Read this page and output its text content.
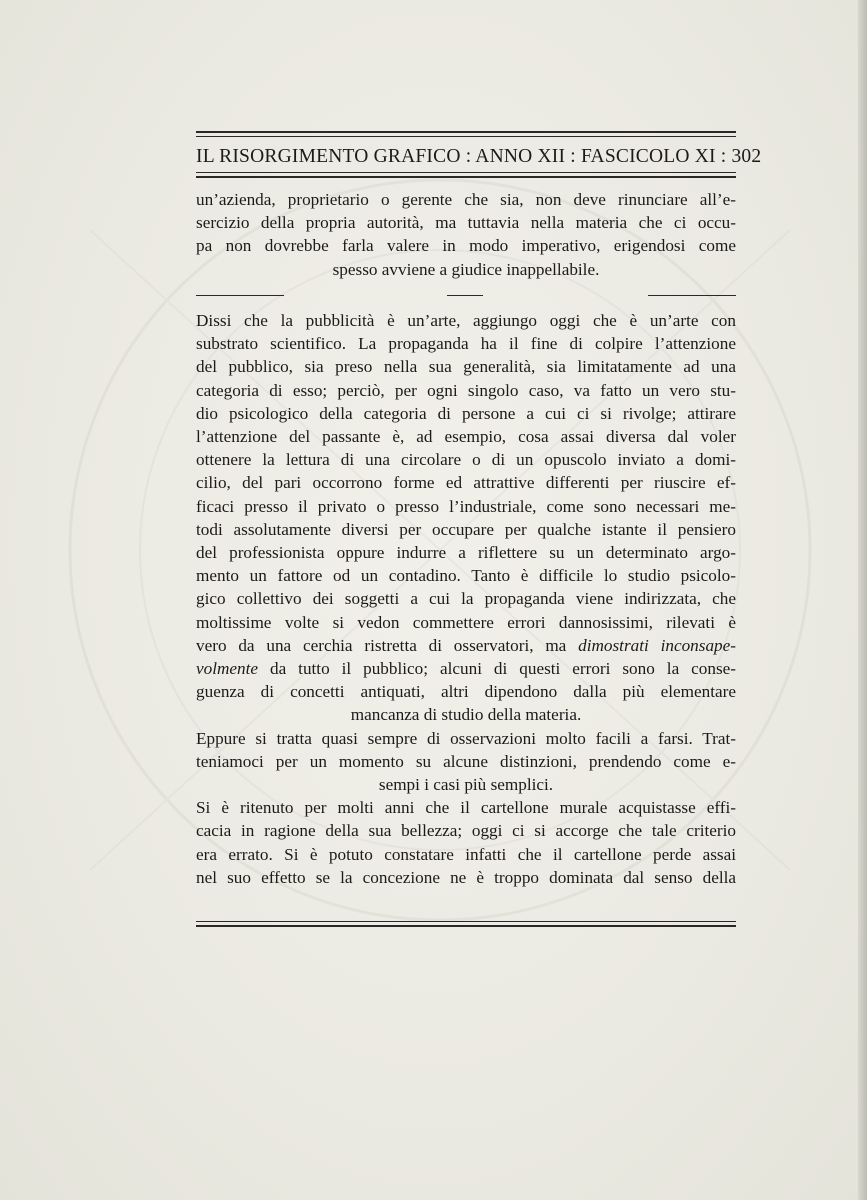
IL RISORGIMENTO GRAFICO : ANNO XII : FASCICOLO XI : 302
un’azienda, proprietario o gerente che sia, non deve rinunciare all’e-
sercizio della propria autorità, ma tuttavia nella materia che ci occu-
pa non dovrebbe farla valere in modo imperativo, erigendosi come
spesso avviene a giudice inappellabile.
Dissi che la pubblicità è un’arte, aggiungo oggi che è un’arte con
substrato scientifico. La propaganda ha il fine di colpire l’attenzione
del pubblico, sia preso nella sua generalità, sia limitatamente ad una
categoria di esso; perciò, per ogni singolo caso, va fatto un vero stu-
dio psicologico della categoria di persone a cui ci si rivolge; attirare
l’attenzione del passante è, ad esempio, cosa assai diversa dal voler
ottenere la lettura di una circolare o di un opuscolo inviato a domi-
cilio, del pari occorrono forme ed attrattive differenti per riuscire ef-
ficaci presso il privato o presso l’industriale, come sono necessari me-
todi assolutamente diversi per occupare per qualche istante il pensiero
del professionista oppure indurre a riflettere su un determinato argo-
mento un fattore od un contadino. Tanto è difficile lo studio psicolo-
gico collettivo dei soggetti a cui la propaganda viene indirizzata, che
moltissime volte si vedon commettere errori dannosissimi, rilevati è
vero da una cerchia ristretta di osservatori, ma dimostrati inconsape-
volmente da tutto il pubblico; alcuni di questi errori sono la conse-
guenza di concetti antiquati, altri dipendono dalla più elementare
mancanza di studio della materia.
Eppure si tratta quasi sempre di osservazioni molto facili a farsi. Trat-
teniamoci per un momento su alcune distinzioni, prendendo come e-
sempi i casi più semplici.
Si è ritenuto per molti anni che il cartellone murale acquistasse effi-
cacia in ragione della sua bellezza; oggi ci si accorge che tale criterio
era errato. Si è potuto constatare infatti che il cartellone perde assai
nel suo effetto se la concezione ne è troppo dominata dal senso della
